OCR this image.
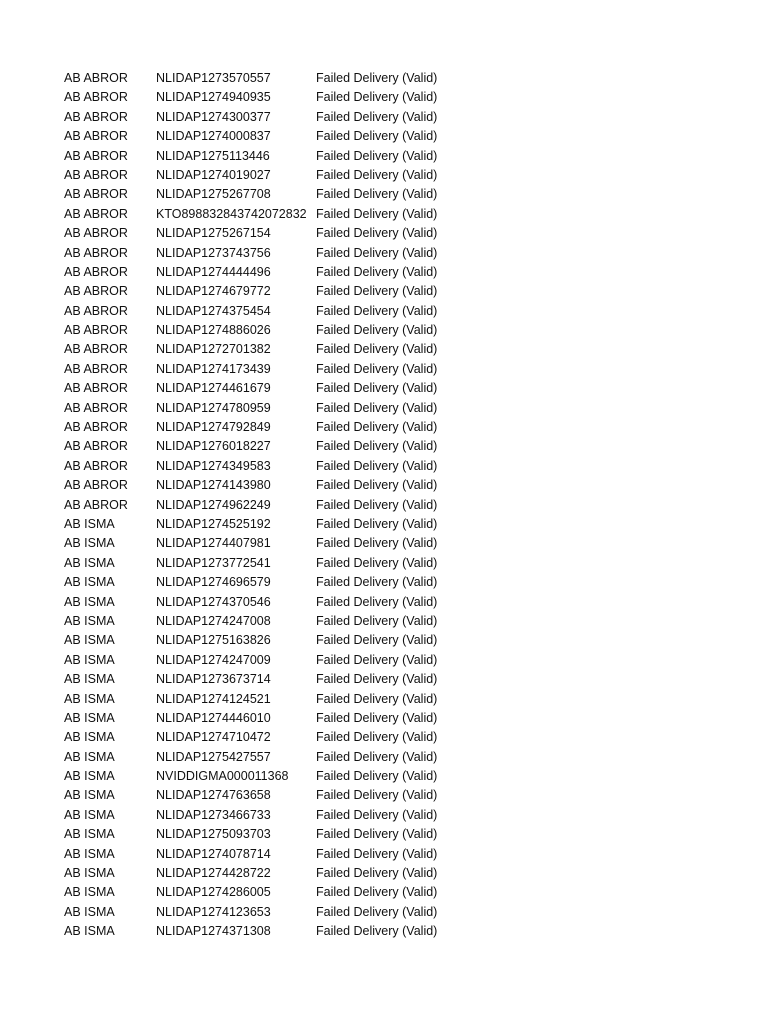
AB ABROR	NLIDAP1273570557	Failed Delivery (Valid)
AB ABROR	NLIDAP1274940935	Failed Delivery (Valid)
AB ABROR	NLIDAP1274300377	Failed Delivery (Valid)
AB ABROR	NLIDAP1274000837	Failed Delivery (Valid)
AB ABROR	NLIDAP1275113446	Failed Delivery (Valid)
AB ABROR	NLIDAP1274019027	Failed Delivery (Valid)
AB ABROR	NLIDAP1275267708	Failed Delivery (Valid)
AB ABROR	KTO898832843742072832 Failed Delivery (Valid)
AB ABROR	NLIDAP1275267154	Failed Delivery (Valid)
AB ABROR	NLIDAP1273743756	Failed Delivery (Valid)
AB ABROR	NLIDAP1274444496	Failed Delivery (Valid)
AB ABROR	NLIDAP1274679772	Failed Delivery (Valid)
AB ABROR	NLIDAP1274375454	Failed Delivery (Valid)
AB ABROR	NLIDAP1274886026	Failed Delivery (Valid)
AB ABROR	NLIDAP1272701382	Failed Delivery (Valid)
AB ABROR	NLIDAP1274173439	Failed Delivery (Valid)
AB ABROR	NLIDAP1274461679	Failed Delivery (Valid)
AB ABROR	NLIDAP1274780959	Failed Delivery (Valid)
AB ABROR	NLIDAP1274792849	Failed Delivery (Valid)
AB ABROR	NLIDAP1276018227	Failed Delivery (Valid)
AB ABROR	NLIDAP1274349583	Failed Delivery (Valid)
AB ABROR	NLIDAP1274143980	Failed Delivery (Valid)
AB ABROR	NLIDAP1274962249	Failed Delivery (Valid)
AB ISMA	NLIDAP1274525192	Failed Delivery (Valid)
AB ISMA	NLIDAP1274407981	Failed Delivery (Valid)
AB ISMA	NLIDAP1273772541	Failed Delivery (Valid)
AB ISMA	NLIDAP1274696579	Failed Delivery (Valid)
AB ISMA	NLIDAP1274370546	Failed Delivery (Valid)
AB ISMA	NLIDAP1274247008	Failed Delivery (Valid)
AB ISMA	NLIDAP1275163826	Failed Delivery (Valid)
AB ISMA	NLIDAP1274247009	Failed Delivery (Valid)
AB ISMA	NLIDAP1273673714	Failed Delivery (Valid)
AB ISMA	NLIDAP1274124521	Failed Delivery (Valid)
AB ISMA	NLIDAP1274446010	Failed Delivery (Valid)
AB ISMA	NLIDAP1274710472	Failed Delivery (Valid)
AB ISMA	NLIDAP1275427557	Failed Delivery (Valid)
AB ISMA	NVIDDIGMA000011368	Failed Delivery (Valid)
AB ISMA	NLIDAP1274763658	Failed Delivery (Valid)
AB ISMA	NLIDAP1273466733	Failed Delivery (Valid)
AB ISMA	NLIDAP1275093703	Failed Delivery (Valid)
AB ISMA	NLIDAP1274078714	Failed Delivery (Valid)
AB ISMA	NLIDAP1274428722	Failed Delivery (Valid)
AB ISMA	NLIDAP1274286005	Failed Delivery (Valid)
AB ISMA	NLIDAP1274123653	Failed Delivery (Valid)
AB ISMA	NLIDAP1274371308	Failed Delivery (Valid)
